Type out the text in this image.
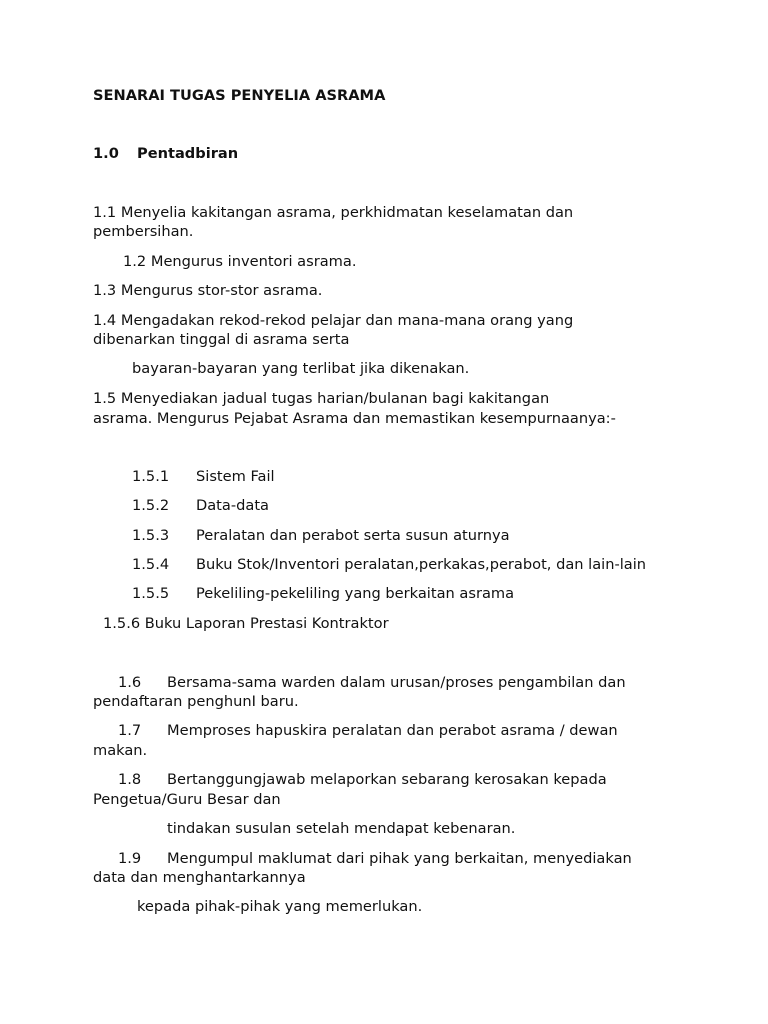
SENARAI TUGAS PENYELIA ASRAMA

1.0 Pentadbiran

1.1 Menyelia kakitangan asrama, perkhidmatan keselamatan dan

pembersihan.

1.2 Mengurus inventori asrama.

1.3 Mengurus stor-stor asrama.

1.4 Mengadakan rekod-rekod pelajar dan mana-mana orang yang

dibenarkan tinggal di asrama serta

bayaran-bayaran yang terlibat jika dikenakan.

1.5 Menyediakan jadual tugas harian/bulanan bagi kakitangan

asrama. Mengurus Pejabat Asrama dan memastikan kesempurnaanya:-

1.5.1 Sistem Fail

1.5.2 Data-data

1.5.3 Peralatan dan perabot serta susun aturnya

1.5.4 Buku Stok/Inventori peralatan,perkakas,perabot, dan lain-lain

1.5.5 Pekeliling-pekeliling yang berkaitan asrama

1.5.6 Buku Laporan Prestasi Kontraktor

1.6 Bersama-sama warden dalam urusan/proses pengambilan dan

pendaftaran penghunI baru.

1.7 Memproses hapuskira peralatan dan perabot asrama / dewan

makan.

1.8 Bertanggungjawab melaporkan sebarang kerosakan kepada

Pengetua/Guru Besar dan

tindakan susulan setelah mendapat kebenaran.

1.9 Mengumpul maklumat dari pihak yang berkaitan, menyediakan

data dan menghantarkannya

kepada pihak-pihak yang memerlukan.
